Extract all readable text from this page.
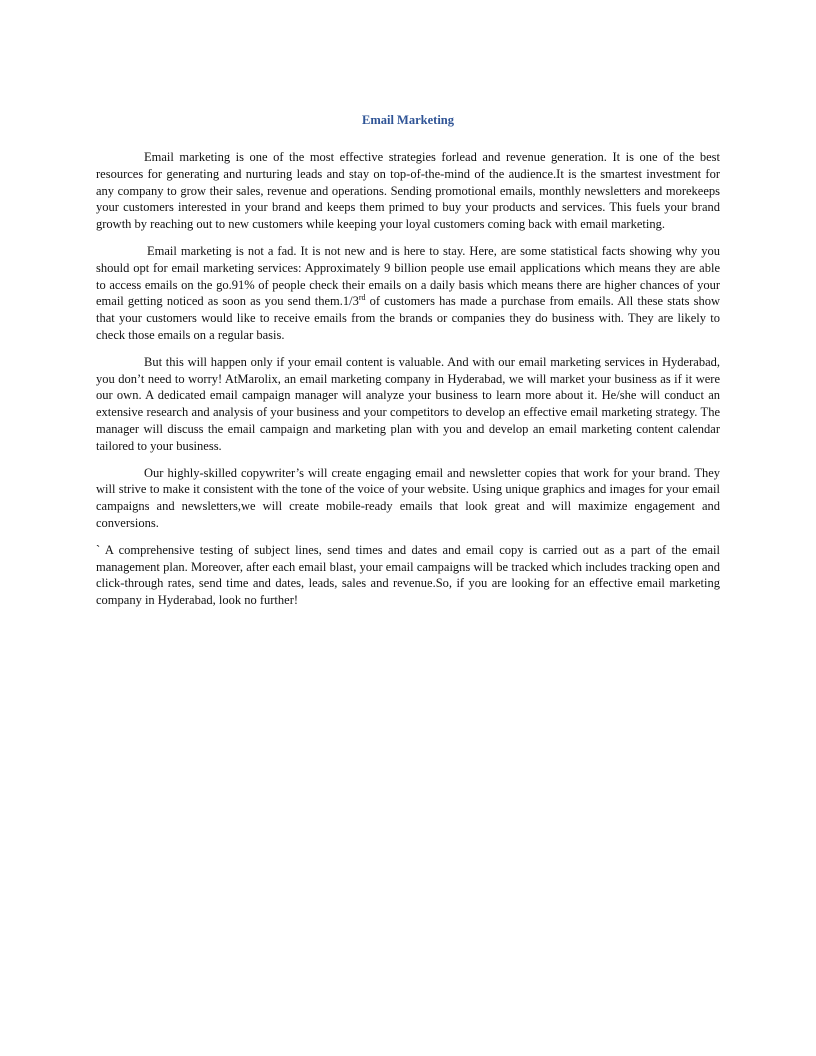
Email Marketing

Email marketing is one of the most effective strategies forlead and revenue generation. It is one of the best resources for generating and nurturing leads and stay on top-of-the-mind of the audience.It is the smartest investment for any company to grow their sales, revenue and operations. Sending promotional emails, monthly newsletters and morekeeps your customers interested in your brand and keeps them primed to buy your products and services. This fuels your brand growth by reaching out to new customers while keeping your loyal customers coming back with email marketing.

Email marketing is not a fad. It is not new and is here to stay. Here, are some statistical facts showing why you should opt for email marketing services: Approximately 9 billion people use email applications which means they are able to access emails on the go.91% of people check their emails on a daily basis which means there are higher chances of your email getting noticed as soon as you send them.1/3rd of customers has made a purchase from emails. All these stats show that your customers would like to receive emails from the brands or companies they do business with. They are likely to check those emails on a regular basis.

But this will happen only if your email content is valuable. And with our email marketing services in Hyderabad, you don’t need to worry! AtMarolix, an email marketing company in Hyderabad, we will market your business as if it were our own. A dedicated email campaign manager will analyze your business to learn more about it. He/she will conduct an extensive research and analysis of your business and your competitors to develop an effective email marketing strategy. The manager will discuss the email campaign and marketing plan with you and develop an email marketing content calendar tailored to your business.

Our highly-skilled copywriter’s will create engaging email and newsletter copies that work for your brand. They will strive to make it consistent with the tone of the voice of your website. Using unique graphics and images for your email campaigns and newsletters,we will create mobile-ready emails that look great and will maximize engagement and conversions.

` A comprehensive testing of subject lines, send times and dates and email copy is carried out as a part of the email management plan. Moreover, after each email blast, your email campaigns will be tracked which includes tracking open and click-through rates, send time and dates, leads, sales and revenue.So, if you are looking for an effective email marketing company in Hyderabad, look no further!
